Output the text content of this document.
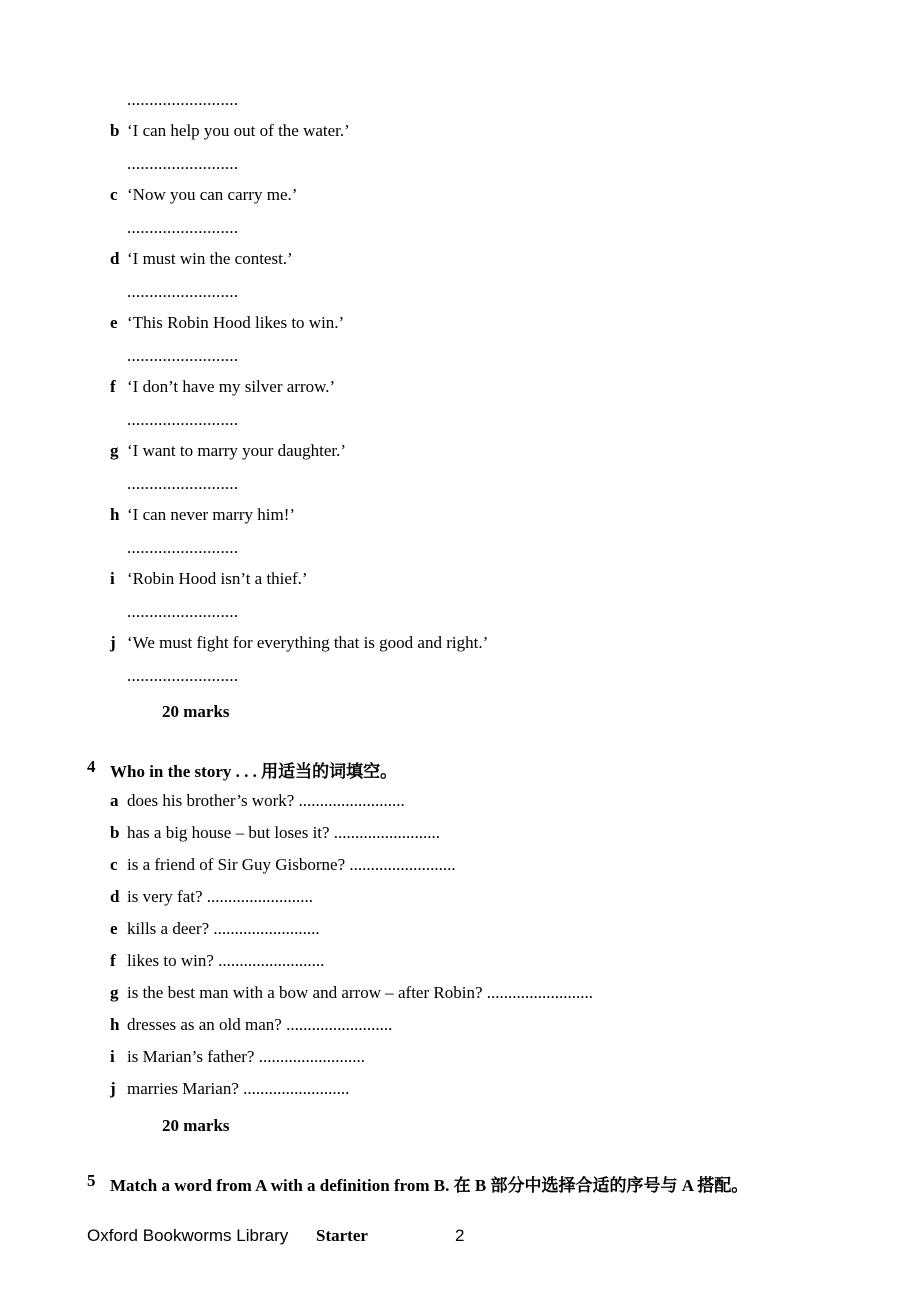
.........................
b ‘I can help you out of the water.’
.........................
c ‘Now you can carry me.’
.........................
d ‘I must win the contest.’
.........................
e ‘This Robin Hood likes to win.’
.........................
f ‘I don’t have my silver arrow.’
.........................
g ‘I want to marry your daughter.’
.........................
h ‘I can never marry him!’
.........................
i ‘Robin Hood isn’t a thief.’
.........................
j ‘We must fight for everything that is good and right.’
.........................
20 marks
4 Who in the story . . . 用适当的词填空。
a does his brother’s work? .........................
b has a big house – but loses it? .........................
c is a friend of Sir Guy Gisborne? .........................
d is very fat? .........................
e kills a deer? .........................
f likes to win? .........................
g is the best man with a bow and arrow – after Robin? .........................
h dresses as an old man? .........................
i is Marian’s father? .........................
j marries Marian? .........................
20 marks
5 Match a word from A with a definition from B. 在 B 部分中选择合适的序号与 A 搭配。
Oxford Bookworms Library Starter	2
